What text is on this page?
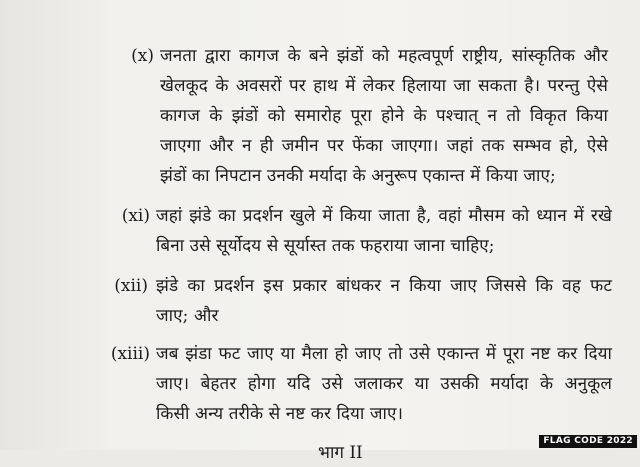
(x) जनता द्वारा कागज के बने झंडों को महत्वपूर्ण राष्ट्रीय, सांस्कृतिक और
खेलकूद के अवसरों पर हाथ में लेकर हिलाया जा सकता है। परन्तु ऐसे
कागज के झंडों को समारोह पूरा होने के पश्चात् न तो विकृत किया
जाएगा और न ही जमीन पर फेंका जाएगा। जहां तक सम्भव हो, ऐसे
झंडों का निपटान उनकी मर्यादा के अनुरूप एकान्त में किया जाए;
(xi) जहां झंडे का प्रदर्शन खुले में किया जाता है, वहां मौसम को ध्यान में रखे
बिना उसे सूर्योदय से सूर्यास्त तक फहराया जाना चाहिए;
(xii) झंडे का प्रदर्शन इस प्रकार बांधकर न किया जाए जिससे कि वह फट
जाए; और
(xiii) जब झंडा फट जाए या मैला हो जाए तो उसे एकान्त में पूरा नष्ट कर दिया
जाए। बेहतर होगा यदि उसे जलाकर या उसकी मर्यादा के अनुकूल
किसी अन्य तरीके से नष्ट कर दिया जाए।
भाग II
FLAG CODE 2022
